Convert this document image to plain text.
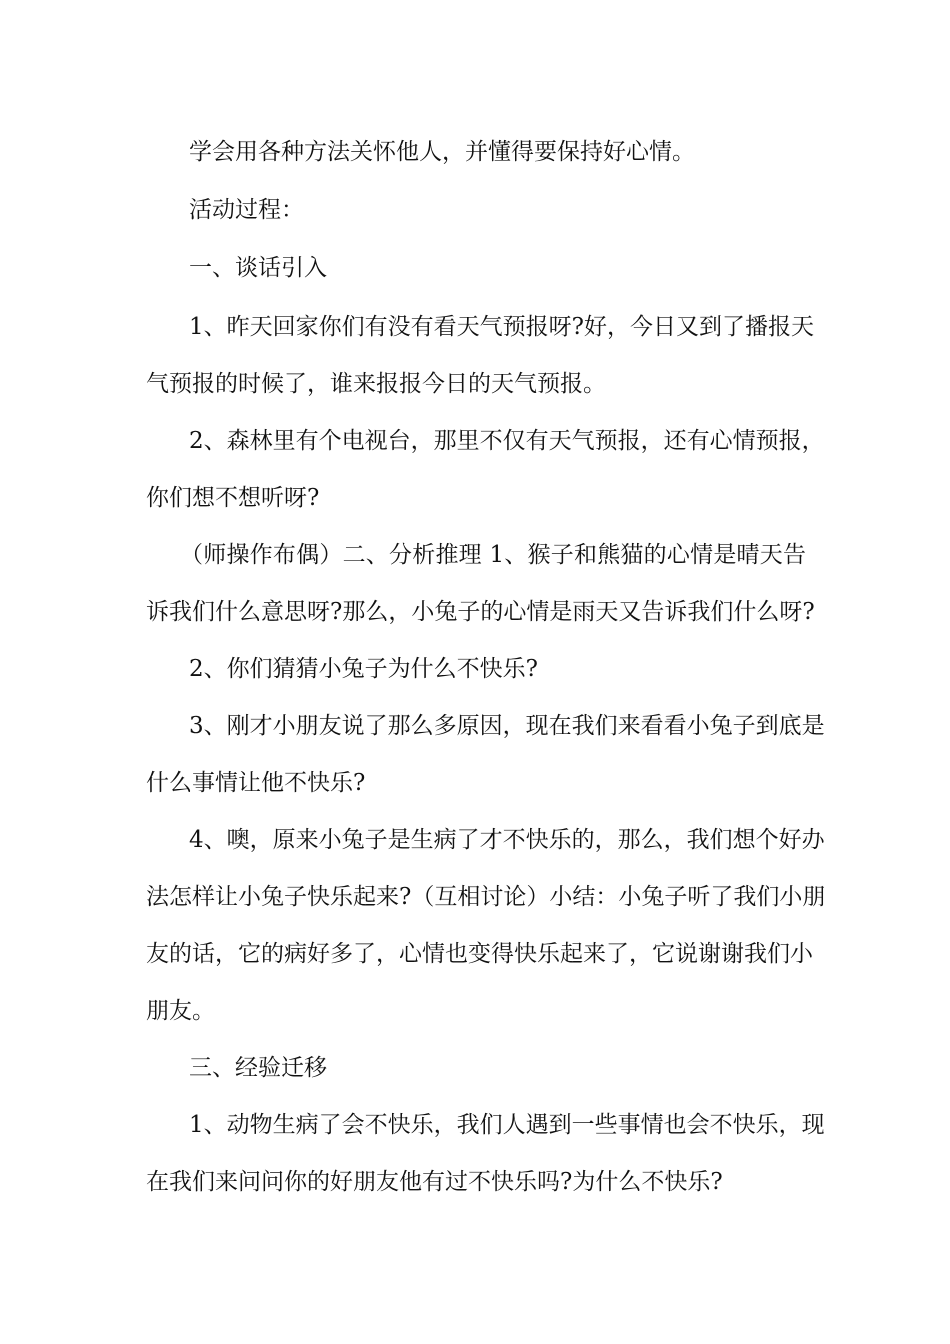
学会用各种方法关怀他人，并懂得要保持好心情。
活动过程：
一、谈话引入
1、昨天回家你们有没有看天气预报呀?好，今日又到了播报天
气预报的时候了，谁来报报今日的天气预报。
2、森林里有个电视台，那里不仅有天气预报，还有心情预报，
你们想不想听呀?
（师操作布偶）二、分析推理 1、猴子和熊猫的心情是晴天告
诉我们什么意思呀?那么，小兔子的心情是雨天又告诉我们什么呀?
2、你们猜猜小兔子为什么不快乐?
3、刚才小朋友说了那么多原因，现在我们来看看小兔子到底是
什么事情让他不快乐?
4、噢，原来小兔子是生病了才不快乐的，那么，我们想个好办
法怎样让小兔子快乐起来?（互相讨论）小结：小兔子听了我们小朋
友的话，它的病好多了，心情也变得快乐起来了，它说谢谢我们小
朋友。
三、经验迁移
1、动物生病了会不快乐，我们人遇到一些事情也会不快乐，现
在我们来问问你的好朋友他有过不快乐吗?为什么不快乐?
